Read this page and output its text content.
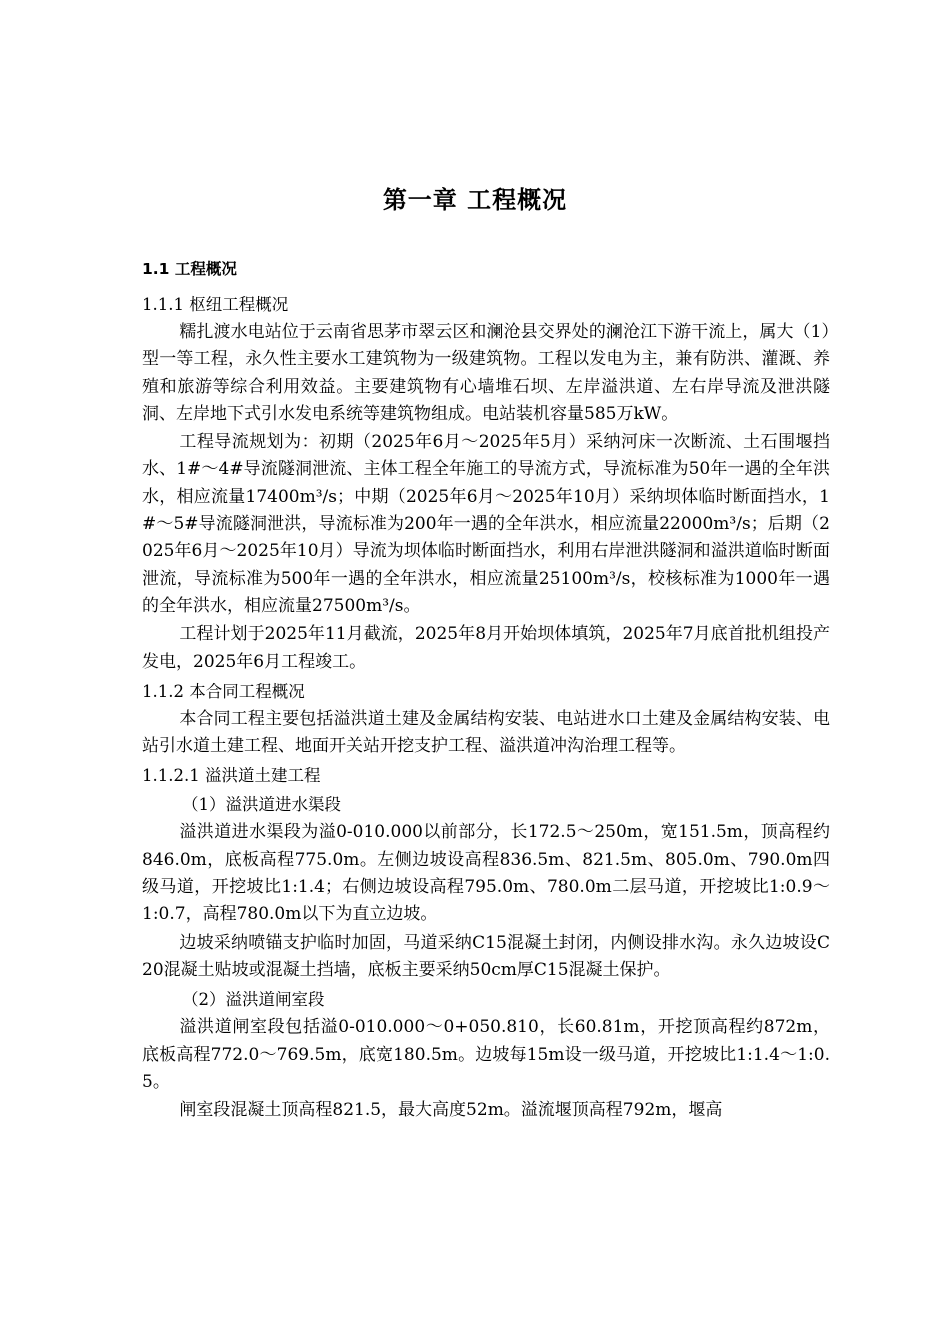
第一章 工程概况
1.1 工程概况
1.1.1 枢纽工程概况

糯扎渡水电站位于云南省思茅市翠云区和澜沧县交界处的澜沧江下游干流上，属大（1）型一等工程，永久性主要水工建筑物为一级建筑物。工程以发电为主，兼有防洪、灌溉、养殖和旅游等综合利用效益。主要建筑物有心墙堆石坝、左岸溢洪道、左右岸导流及泄洪隧洞、左岸地下式引水发电系统等建筑物组成。电站装机容量585万kW。

工程导流规划为：初期（2025年6月～2025年5月）采纳河床一次断流、土石围堰挡水、1#～4#导流隧洞泄流、主体工程全年施工的导流方式，导流标准为50年一遇的全年洪水，相应流量17400m³/s；中期（2025年6月～2025年10月）采纳坝体临时断面挡水，1#～5#导流隧洞泄洪，导流标准为200年一遇的全年洪水，相应流量22000m³/s；后期（2025年6月～2025年10月）导流为坝体临时断面挡水，利用右岸泄洪隧洞和溢洪道临时断面泄流，导流标准为500年一遇的全年洪水，相应流量25100m³/s，校核标准为1000年一遇的全年洪水，相应流量27500m³/s。

工程计划于2025年11月截流，2025年8月开始坝体填筑，2025年7月底首批机组投产发电，2025年6月工程竣工。

1.1.2 本合同工程概况

本合同工程主要包括溢洪道土建及金属结构安装、电站进水口土建及金属结构安装、电站引水道土建工程、地面开关站开挖支护工程、溢洪道冲沟治理工程等。

1.1.2.1 溢洪道土建工程
（1）溢洪道进水渠段

溢洪道进水渠段为溢0-010.000以前部分，长172.5～250m，宽151.5m，顶高程约846.0m，底板高程775.0m。左侧边坡设高程836.5m、821.5m、805.0m、790.0m四级马道，开挖坡比1:1.4；右侧边坡设高程795.0m、780.0m二层马道，开挖坡比1:0.9～1:0.7，高程780.0m以下为直立边坡。

边坡采纳喷锚支护临时加固，马道采纳C15混凝土封闭，内侧设排水沟。永久边坡设C20混凝土贴坡或混凝土挡墙，底板主要采纳50cm厚C15混凝土保护。

（2）溢洪道闸室段

溢洪道闸室段包括溢0-010.000～0+050.810，长60.81m，开挖顶高程约872m，底板高程772.0～769.5m，底宽180.5m。边坡每15m设一级马道，开挖坡比1:1.4～1:0.5。

闸室段混凝土顶高程821.5，最大高度52m。溢流堰顶高程792m，堰高
